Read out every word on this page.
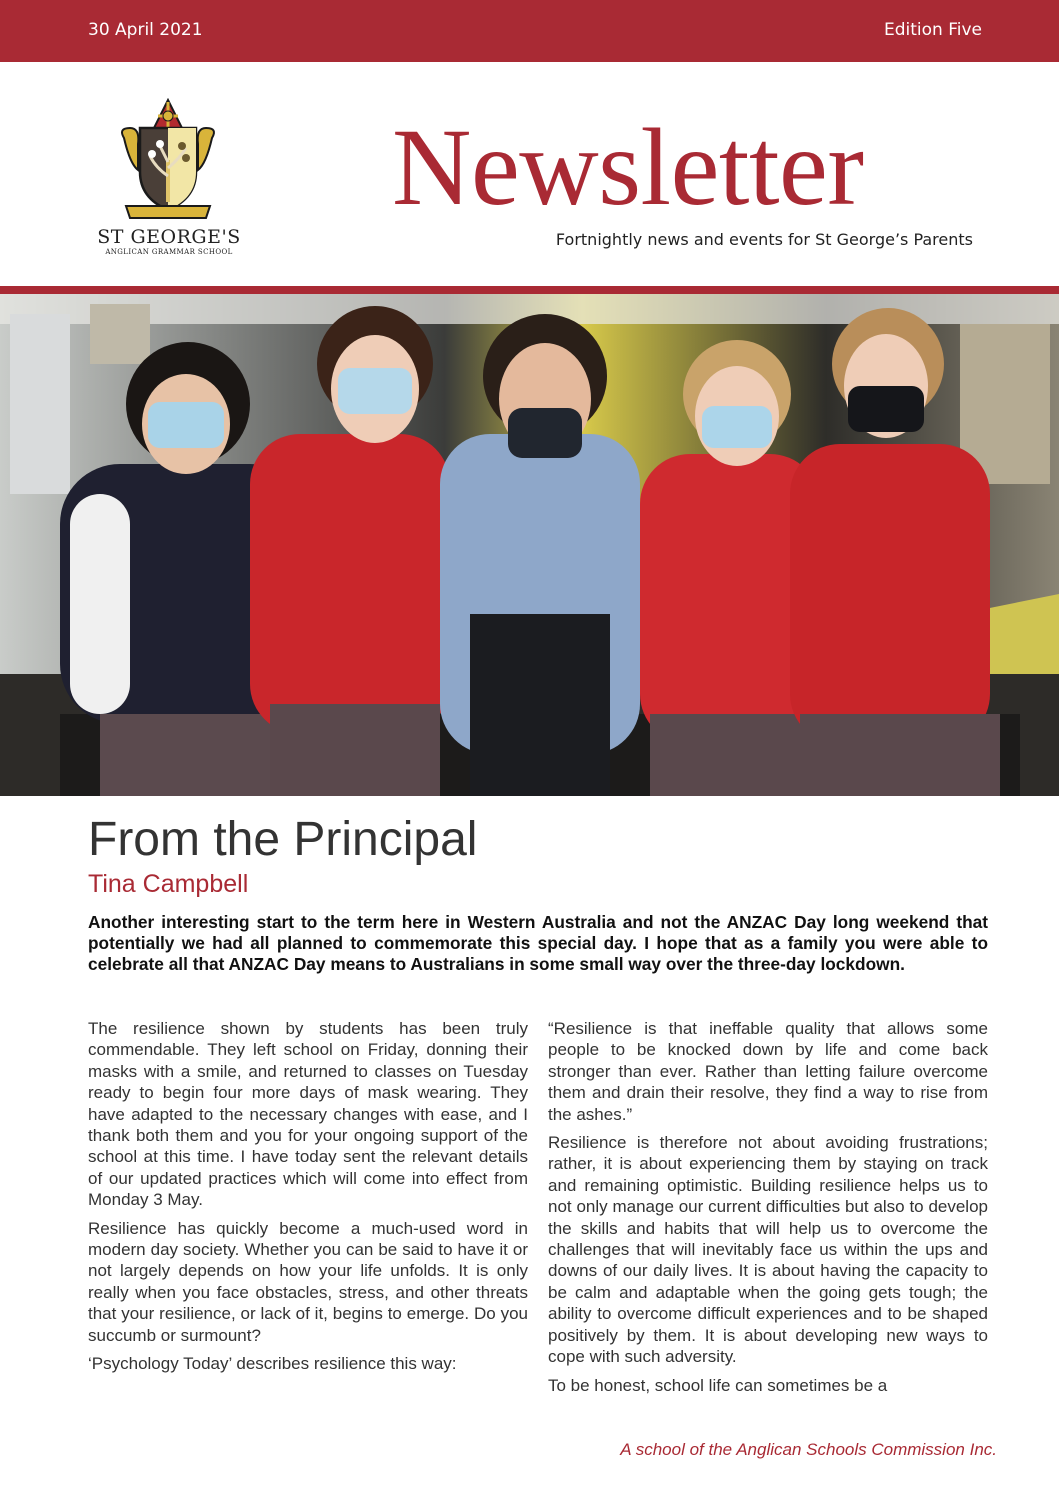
30 April 2021	Edition Five
ST GEORGE'S
ANGLICAN GRAMMAR SCHOOL
Newsletter
Fortnightly news and events for St George’s Parents
From the Principal
Tina Campbell

Another interesting start to the term here in Western Australia and not the ANZAC Day long weekend that potentially we had all planned to commemorate this special day. I hope that as a family you were able to celebrate all that ANZAC Day means to Australians in some small way over the three-day lockdown.

The resilience shown by students has been truly commendable. They left school on Friday, donning their masks with a smile, and returned to classes on Tuesday ready to begin four more days of mask wearing. They have adapted to the necessary changes with ease, and I thank both them and you for your ongoing support of the school at this time. I have today sent the relevant details of our updated practices which will come into effect from Monday 3 May.

Resilience has quickly become a much-used word in modern day society. Whether you can be said to have it or not largely depends on how your life unfolds. It is only really when you face obstacles, stress, and other threats that your resilience, or lack of it, begins to emerge. Do you succumb or surmount?

‘Psychology Today’ describes resilience this way:

“Resilience is that ineffable quality that allows some people to be knocked down by life and come back stronger than ever. Rather than letting failure overcome them and drain their resolve, they find a way to rise from the ashes.”

Resilience is therefore not about avoiding frustrations; rather, it is about experiencing them by staying on track and remaining optimistic. Building resilience helps us to not only manage our current difficulties but also to develop the skills and habits that will help us to overcome the challenges that will inevitably face us within the ups and downs of our daily lives. It is about having the capacity to be calm and adaptable when the going gets tough; the ability to overcome difficult experiences and to be shaped positively by them. It is about developing new ways to cope with such adversity.

To be honest, school life can sometimes be a

A school of the Anglican Schools Commission Inc.
